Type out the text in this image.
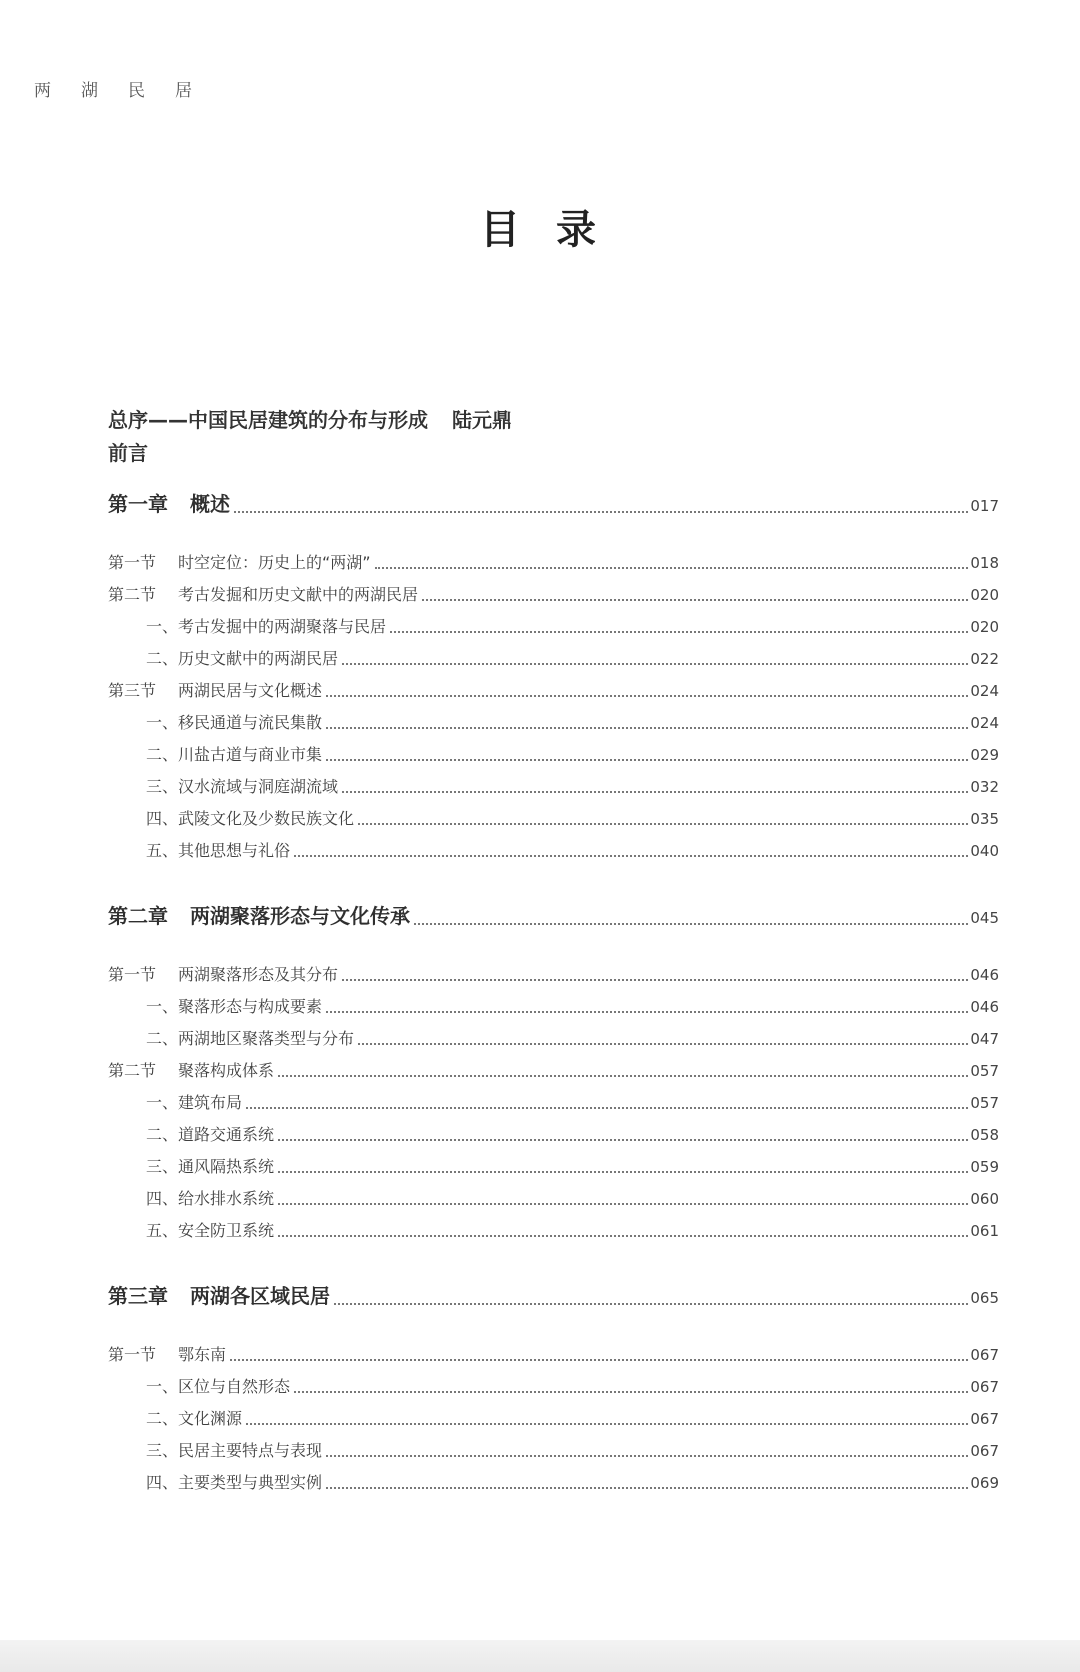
两湖民居
目录
总序——中国民居建筑的分布与形成 陆元鼎
前言
第一章 概述	017
第一节 时空定位：历史上的“两湖”	018
第二节 考古发掘和历史文献中的两湖民居	020
一、 考古发掘中的两湖聚落与民居	020
二、 历史文献中的两湖民居	022
第三节 两湖民居与文化概述	024
一、 移民通道与流民集散	024
二、 川盐古道与商业市集	029
三、 汉水流域与洞庭湖流域	032
四、 武陵文化及少数民族文化	035
五、 其他思想与礼俗	040
第二章 两湖聚落形态与文化传承	045
第一节 两湖聚落形态及其分布	046
一、 聚落形态与构成要素	046
二、 两湖地区聚落类型与分布	047
第二节 聚落构成体系	057
一、 建筑布局	057
二、 道路交通系统	058
三、 通风隔热系统	059
四、 给水排水系统	060
五、 安全防卫系统	061
第三章 两湖各区域民居	065
第一节 鄂东南	067
一、 区位与自然形态	067
二、 文化渊源	067
三、 民居主要特点与表现	067
四、 主要类型与典型实例	069
